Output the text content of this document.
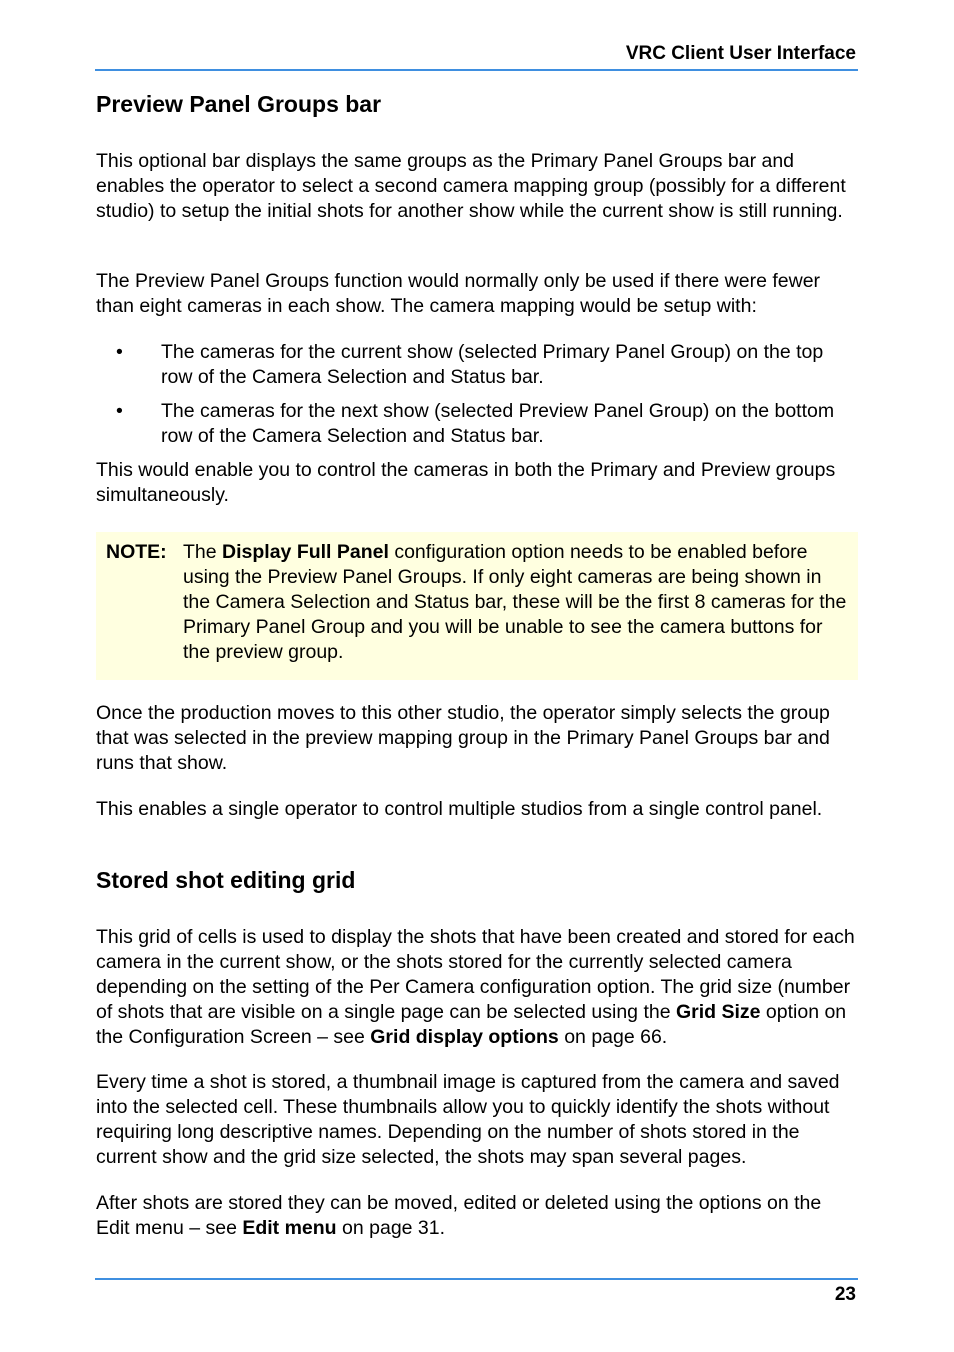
VRC Client User Interface
Preview Panel Groups bar

This optional bar displays the same groups as the Primary Panel Groups bar and enables the operator to select a second camera mapping group (possibly for a different studio) to setup the initial shots for another show while the current show is still running.

The Preview Panel Groups function would normally only be used if there were fewer than eight cameras in each show. The camera mapping would be setup with:

• The cameras for the current show (selected Primary Panel Group) on the top row of the Camera Selection and Status bar.
• The cameras for the next show (selected Preview Panel Group) on the bottom row of the Camera Selection and Status bar.

This would enable you to control the cameras in both the Primary and Preview groups simultaneously.

NOTE: The Display Full Panel configuration option needs to be enabled before using the Preview Panel Groups. If only eight cameras are being shown in the Camera Selection and Status bar, these will be the first 8 cameras for the Primary Panel Group and you will be unable to see the camera buttons for the preview group.

Once the production moves to this other studio, the operator simply selects the group that was selected in the preview mapping group in the Primary Panel Groups bar and runs that show.

This enables a single operator to control multiple studios from a single control panel.

Stored shot editing grid

This grid of cells is used to display the shots that have been created and stored for each camera in the current show, or the shots stored for the currently selected camera depending on the setting of the Per Camera configuration option. The grid size (number of shots that are visible on a single page can be selected using the Grid Size option on the Configuration Screen – see Grid display options on page 66.

Every time a shot is stored, a thumbnail image is captured from the camera and saved into the selected cell. These thumbnails allow you to quickly identify the shots without requiring long descriptive names. Depending on the number of shots stored in the current show and the grid size selected, the shots may span several pages.

After shots are stored they can be moved, edited or deleted using the options on the Edit menu – see Edit menu on page 31.

23
